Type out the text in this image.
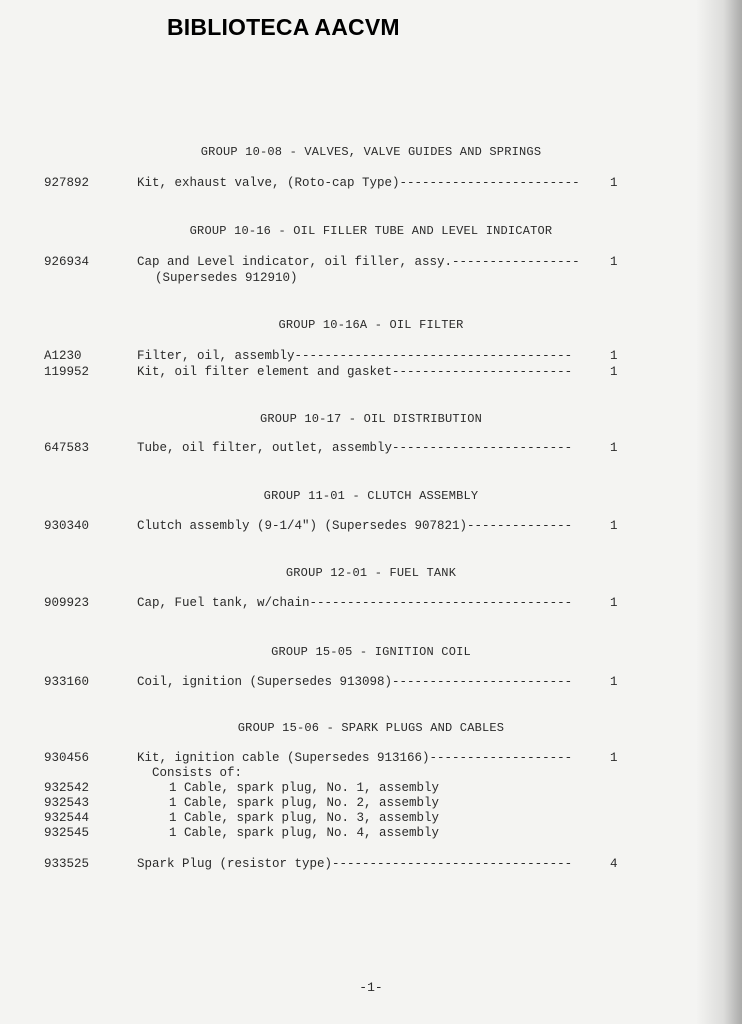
BIBLIOTECA AACVM
GROUP 10-08 - VALVES, VALVE GUIDES AND SPRINGS
927892	Kit, exhaust valve, (Roto-cap Type)------------------------ 1
GROUP 10-16 - OIL FILLER TUBE AND LEVEL INDICATOR
926934	Cap and Level indicator, oil filler, assy.----------------- 1
(Supersedes 912910)
GROUP 10-16A - OIL FILTER
A1230	Filter, oil, assembly-------------------------------------	1
119952	Kit, oil filter element and gasket------------------------	1
GROUP 10-17 - OIL DISTRIBUTION
647583	Tube, oil filter, outlet, assembly------------------------	1
GROUP 11-01 - CLUTCH ASSEMBLY
930340	Clutch assembly (9-1/4") (Supersedes 907821)--------------	1
GROUP 12-01 - FUEL TANK
909923	Cap, Fuel tank, w/chain-----------------------------------	1
GROUP 15-05 - IGNITION COIL
933160	Coil, ignition (Supersedes 913098)------------------------	1
GROUP 15-06 - SPARK PLUGS AND CABLES
930456	Kit, ignition cable (Supersedes 913166)-------------------	1
Consists of:
932542	1 Cable, spark plug, No. 1, assembly
932543	1 Cable, spark plug, No. 2, assembly
932544	1 Cable, spark plug, No. 3, assembly
932545	1 Cable, spark plug, No. 4, assembly
933525	Spark Plug (resistor type)--------------------------------	4
-1-
